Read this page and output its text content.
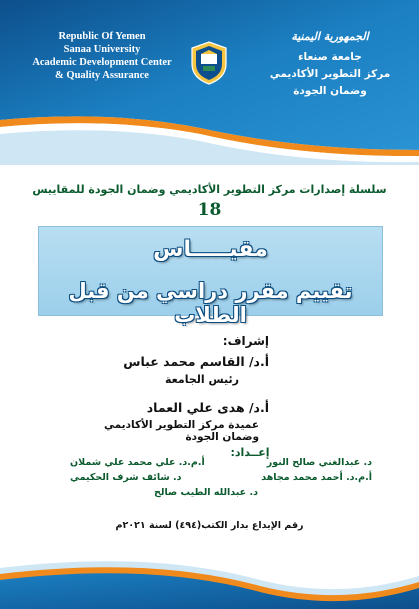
Republic Of Yemen
Sanaa University
Academic Development Center
& Quality Assurance
الجمهورية اليمنية
جامعة صنعاء
مركز التطوير الأكاديمي
وضمان الجودة
سلسلة إصدارات مركز التطوير الأكاديمي وضمان الجودة للمقاييس
18
مقيـــــاس
تقييم مقرر دراسي من قبل الطلاب
إشراف:
أ.د/ القاسم محمد عباس
رئيس الجامعة
أ.د/ هدى علي العماد
عميدة مركز التطوير الأكاديمي وضمان الجودة
إعــداد:
د. عبدالغني صالح النور
أ.م.د. علي محمد علي شملان
أ.م.د. أحمد محمد مجاهد
د. شائف شرف الحكيمي
د. عبدالله الطيب صالح
رقم الإيداع بدار الكتب(٤٩٤) لسنة ٢٠٢١م
